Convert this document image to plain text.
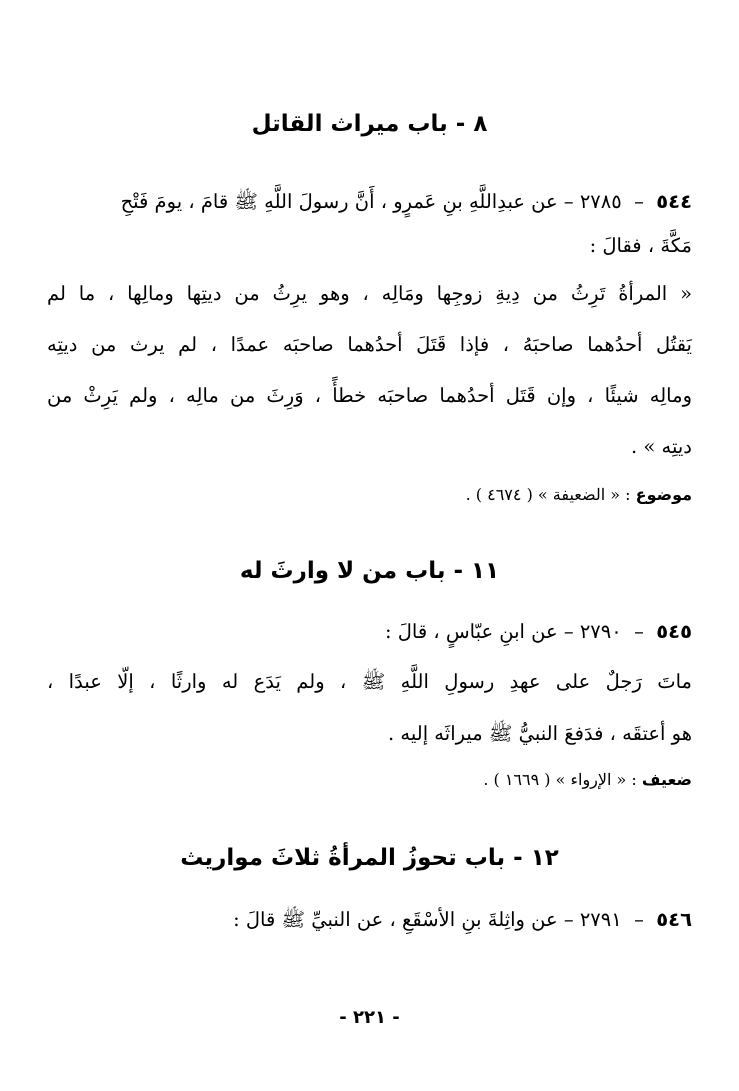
٨ - باب ميراث القاتل
٥٤٤  –  ٢٧٨٥ – عن عبدِاللَّهِ بنِ عَمرٍو ، أَنَّ رسولَ اللَّهِ ﷺ قامَ ، يومَ فَتْحِ
مَكَّةَ ، فقالَ :
« المرأةُ تَرِثُ من دِيةِ زوجِها ومَالِه ، وهو يرِثُ من ديتِها ومالِها ، ما لم
يَقتُل أحدُهما صاحبَهُ ، فإذا قَتَلَ أحدُهما صاحبَه عمدًا ، لم يرث من ديتِه
ومالِه شيئًا ، وإن قَتَل أحدُهما صاحبَه خطأً ، وَرِثَ من مالِه ، ولم يَرِثْ من
ديتِه » .
موضوع : « الضعيفة » ( ٤٦٧٤ ) .
١١ - باب من لا وارثَ له
٥٤٥  –  ٢٧٩٠ – عن ابنِ عبّاسٍ ، قالَ :
ماتَ رَجلٌ على عهدِ رسولِ اللَّهِ ﷺ ، ولم يَدَع له وارثًا ، إلّا عبدًا ،
هو أعتقَه ، فدَفعَ النبيُّ ﷺ ميراثَه إليه .
ضعيف : « الإرواء » ( ١٦٦٩ ) .
١٢ - باب تحوزُ المرأةُ ثلاثَ مواريث
٥٤٦  –  ٢٧٩١ – عن واثِلةَ بنِ الأسْقَعِ ، عن النبيِّ ﷺ قالَ :
- ٢٢١ -
